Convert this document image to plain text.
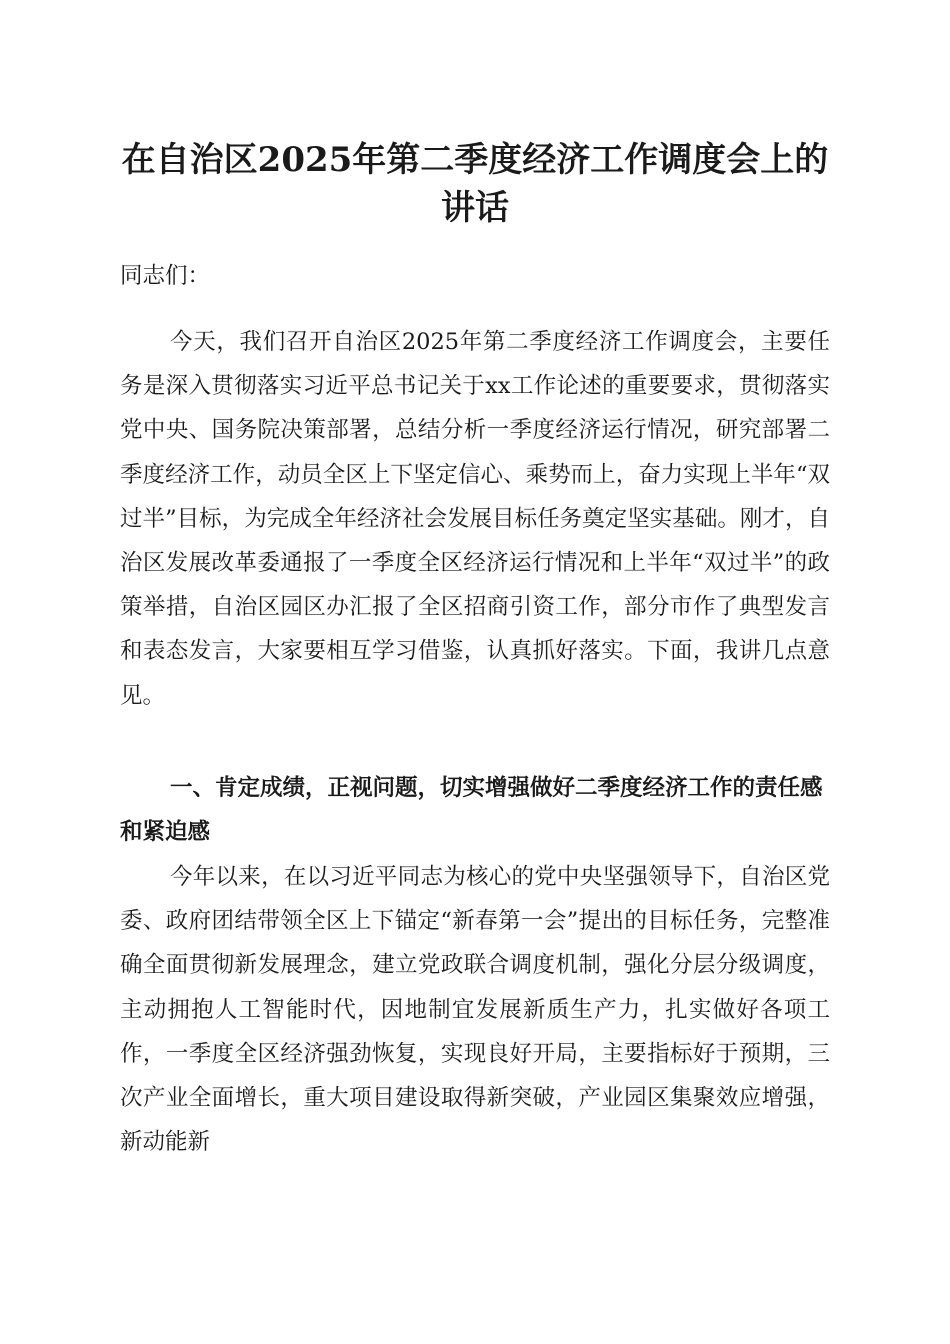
在自治区2025年第二季度经济工作调度会上的讲话

同志们：

今天，我们召开自治区2025年第二季度经济工作调度会，主要任务是深入贯彻落实习近平总书记关于xx工作论述的重要要求，贯彻落实党中央、国务院决策部署，总结分析一季度经济运行情况，研究部署二季度经济工作，动员全区上下坚定信心、乘势而上，奋力实现上半年“双过半”目标，为完成全年经济社会发展目标任务奠定坚实基础。刚才，自治区发展改革委通报了一季度全区经济运行情况和上半年“双过半”的政策举措，自治区园区办汇报了全区招商引资工作，部分市作了典型发言和表态发言，大家要相互学习借鉴，认真抓好落实。下面，我讲几点意见。

一、肯定成绩，正视问题，切实增强做好二季度经济工作的责任感和紧迫感

今年以来，在以习近平同志为核心的党中央坚强领导下，自治区党委、政府团结带领全区上下锚定“新春第一会”提出的目标任务，完整准确全面贯彻新发展理念，建立党政联合调度机制，强化分层分级调度，主动拥抱人工智能时代，因地制宜发展新质生产力，扎实做好各项工作，一季度全区经济强劲恢复，实现良好开局，主要指标好于预期，三次产业全面增长，重大项目建设取得新突破，产业园区集聚效应增强，新动能新
